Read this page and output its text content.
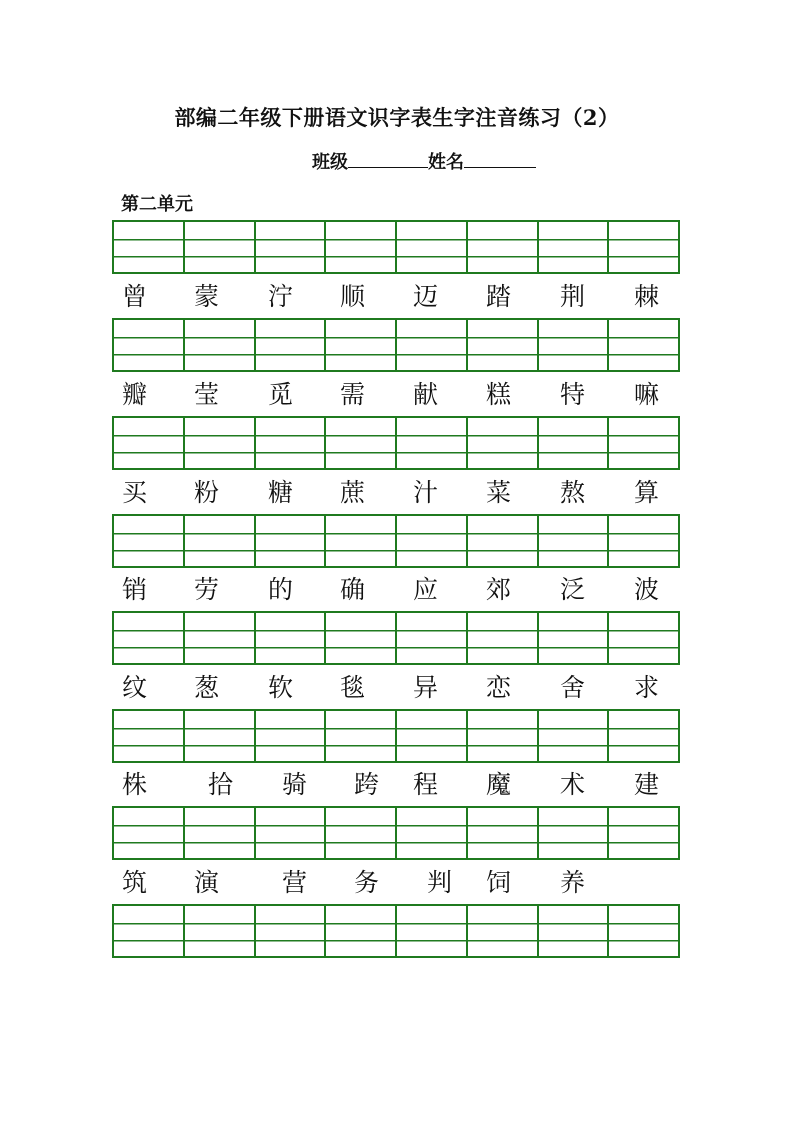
部编二年级下册语文识字表生字注音练习（2）
班级	姓名
第二单元
曾 蒙 泞 顺 迈 踏 荆 棘
瓣 莹 觅 需 献 糕 特 嘛
买 粉 糖 蔗 汁 菜 熬 算
销 劳 的 确 应 郊 泛 波
纹 葱 软 毯 异 恋 舍 求
株 拾 骑 跨 程 魔 术 建
筑 演	营 务 判 饲 养
